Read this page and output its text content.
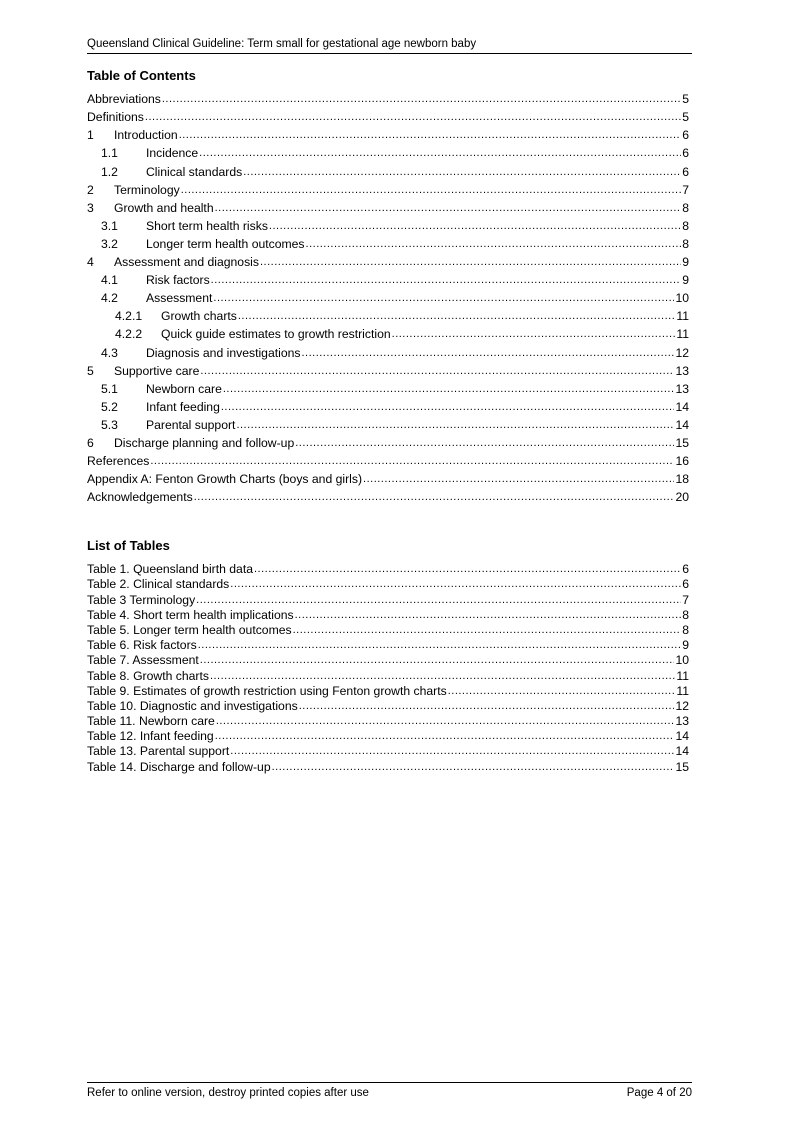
Queensland Clinical Guideline: Term small for gestational age newborn baby
Table of Contents
Abbreviations .....	5
Definitions .....	5
1	Introduction .....	6
1.1	Incidence .....	6
1.2	Clinical standards .....	6
2	Terminology .....	7
3	Growth and health .....	8
3.1	Short term health risks .....	8
3.2	Longer term health outcomes .....	8
4	Assessment and diagnosis .....	9
4.1	Risk factors .....	9
4.2	Assessment .....	10
4.2.1	Growth charts .....	11
4.2.2	Quick guide estimates to growth restriction .....	11
4.3	Diagnosis and investigations .....	12
5	Supportive care .....	13
5.1	Newborn care .....	13
5.2	Infant feeding .....	14
5.3	Parental support .....	14
6	Discharge planning and follow-up .....	15
References .....	16
Appendix A: Fenton Growth Charts (boys and girls) .....	18
Acknowledgements .....	20
List of Tables
Table 1. Queensland birth data .....	6
Table 2. Clinical standards .....	6
Table 3 Terminology .....	7
Table 4. Short term health implications .....	8
Table 5. Longer term health outcomes .....	8
Table 6. Risk factors .....	9
Table 7. Assessment .....	10
Table 8. Growth charts .....	11
Table 9. Estimates of growth restriction using Fenton growth charts .....	11
Table 10. Diagnostic and investigations .....	12
Table 11. Newborn care .....	13
Table 12. Infant feeding .....	14
Table 13. Parental support .....	14
Table 14. Discharge and follow-up .....	15
Refer to online version, destroy printed copies after use	Page 4 of 20
